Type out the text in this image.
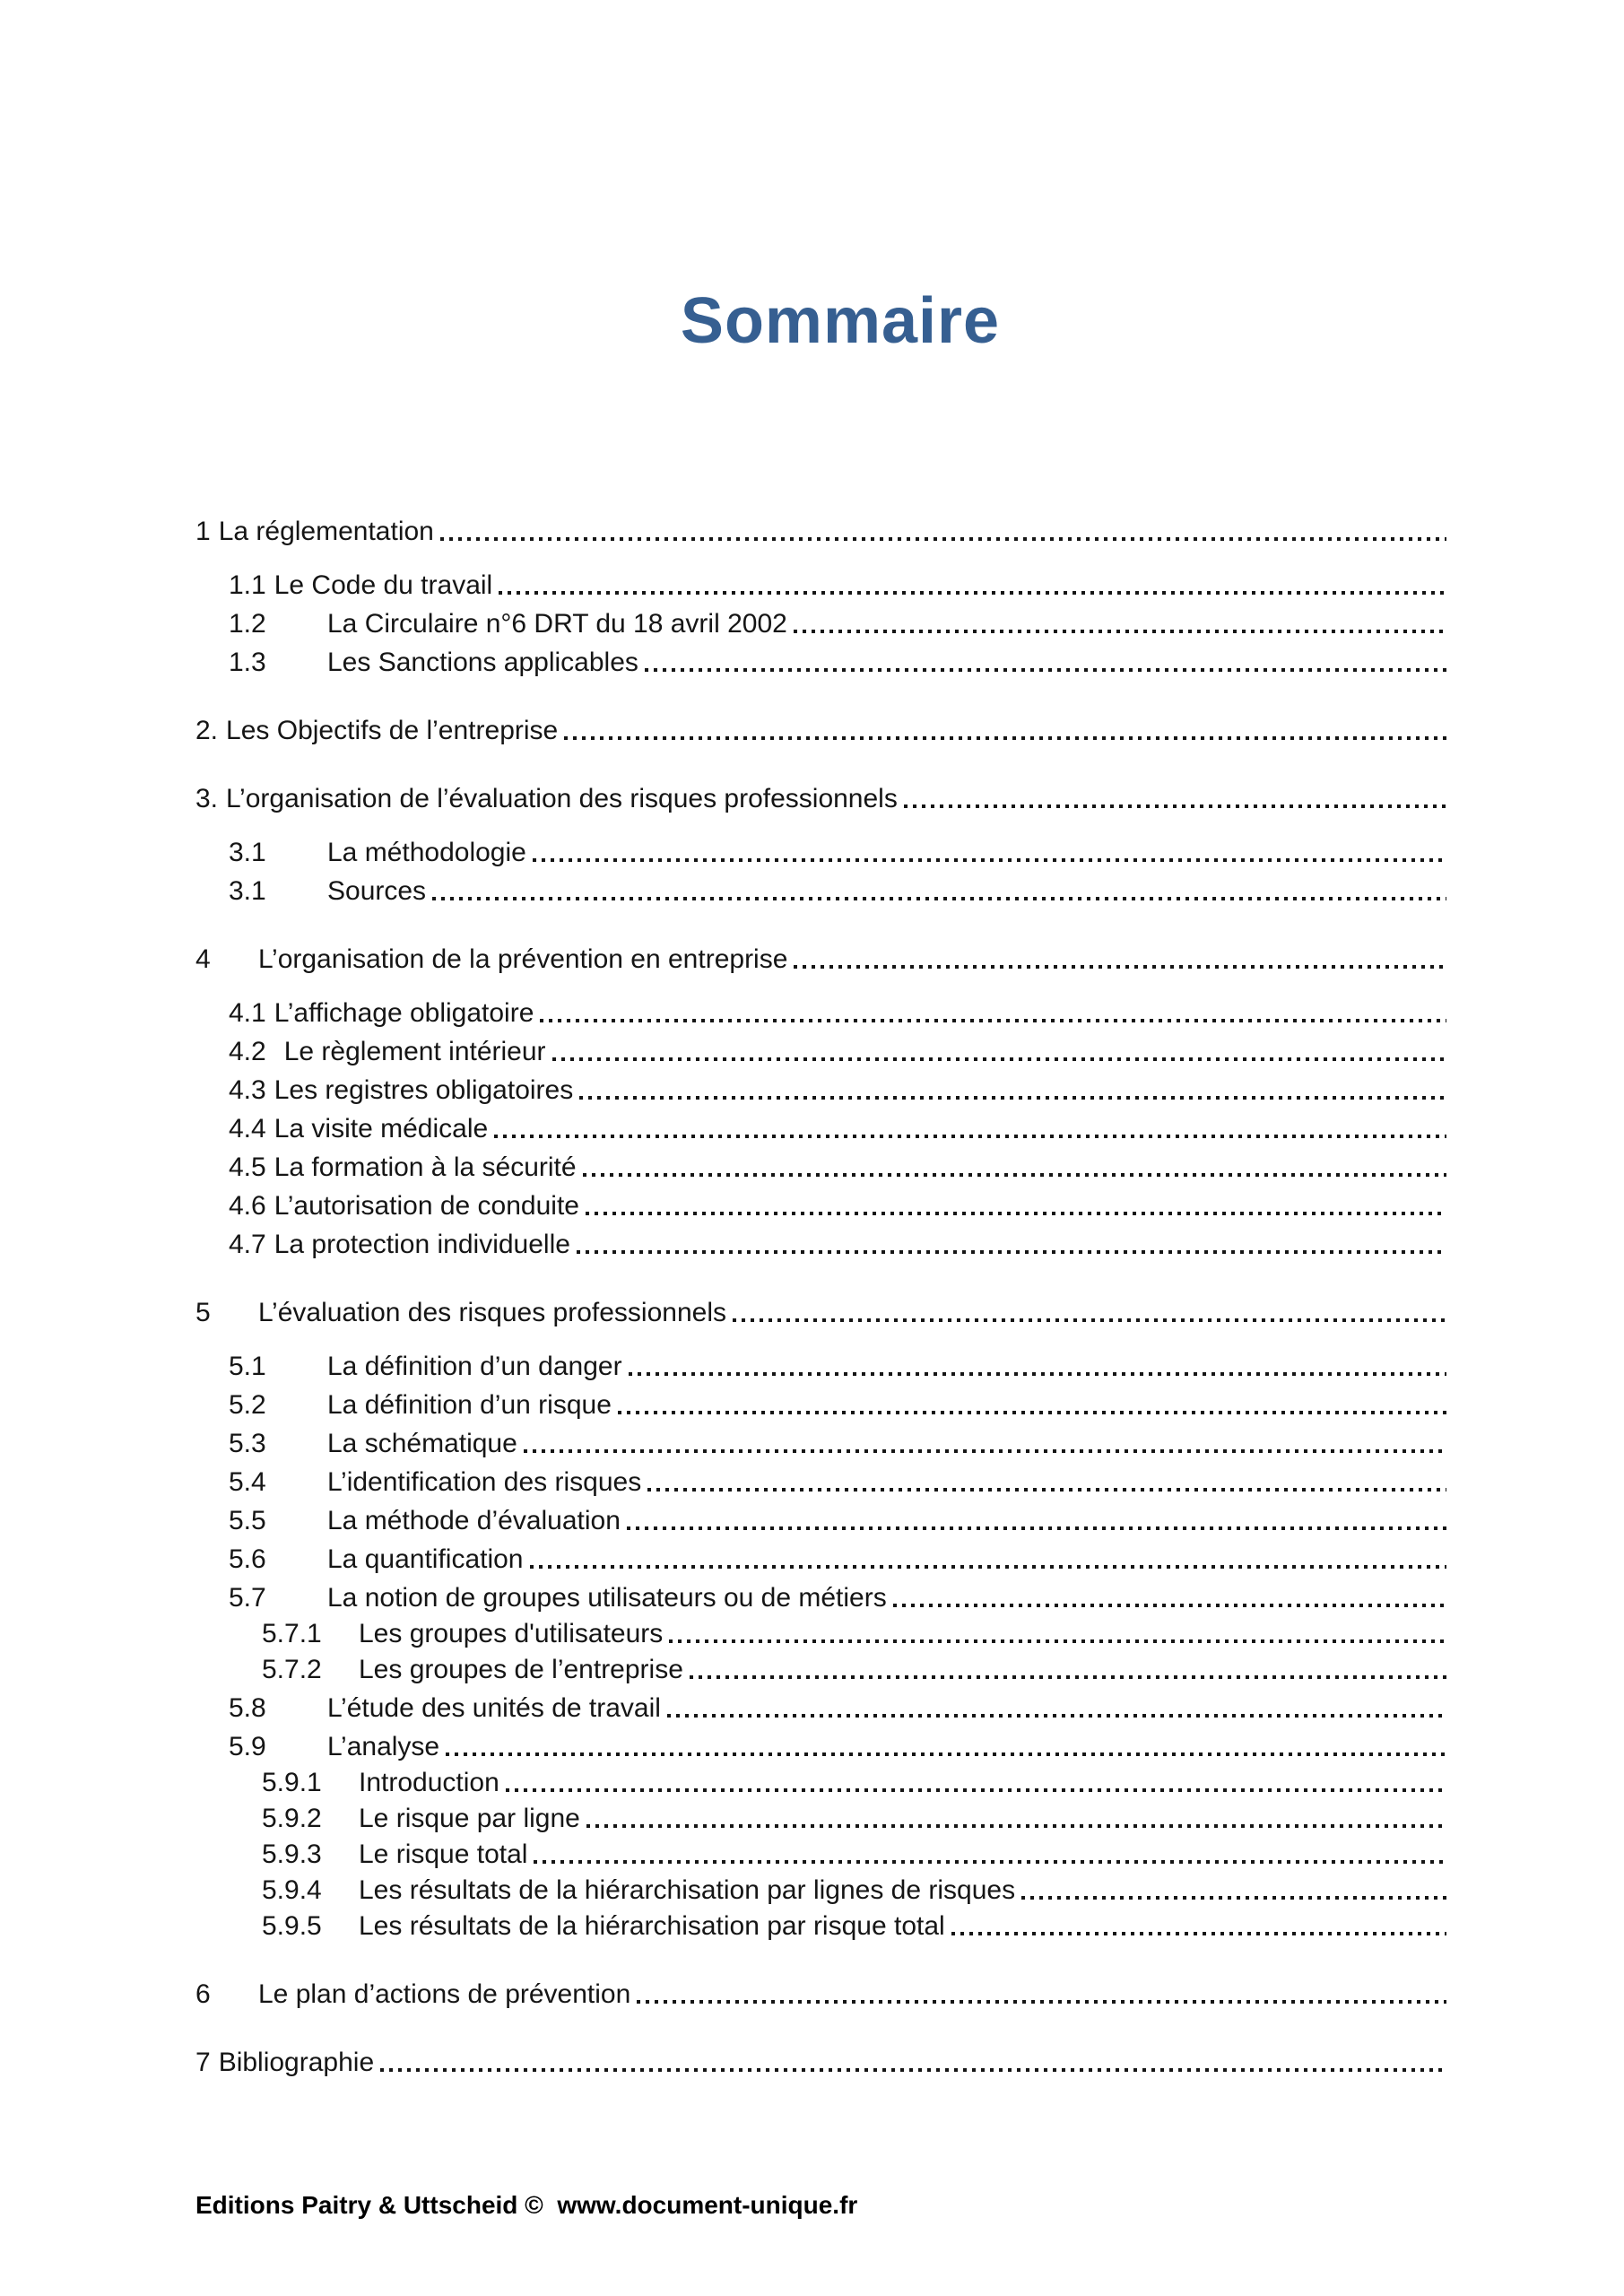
Sommaire
1 La réglementation
1.1 Le Code du travail
1.2	La Circulaire n°6 DRT du 18 avril 2002
1.3	Les Sanctions applicables
2. Les Objectifs de l’entreprise
3. L’organisation de l’évaluation des risques professionnels
3.1	La méthodologie
3.1	Sources
4	L’organisation de la prévention en entreprise
4.1 L’affichage obligatoire
4.2 Le règlement intérieur
4.3 Les registres obligatoires
4.4 La visite médicale
4.5 La formation à la sécurité
4.6 L’autorisation de conduite
4.7 La protection individuelle
5	L’évaluation des risques professionnels
5.1	La définition d’un danger
5.2	La définition d’un risque
5.3	La schématique
5.4	L’identification des risques
5.5	La méthode d’évaluation
5.6	La quantification
5.7	La notion de groupes utilisateurs ou de métiers
5.7.1	Les groupes d'utilisateurs
5.7.2	Les groupes de l’entreprise
5.8	L’étude des unités de travail
5.9	L’analyse
5.9.1	Introduction
5.9.2	Le risque par ligne
5.9.3	Le risque total
5.9.4	Les résultats de la hiérarchisation par lignes de risques
5.9.5	Les résultats de la hiérarchisation par risque total
6	Le plan d’actions de prévention
7 Bibliographie
Editions Paitry & Uttscheid ©  www.document-unique.fr
